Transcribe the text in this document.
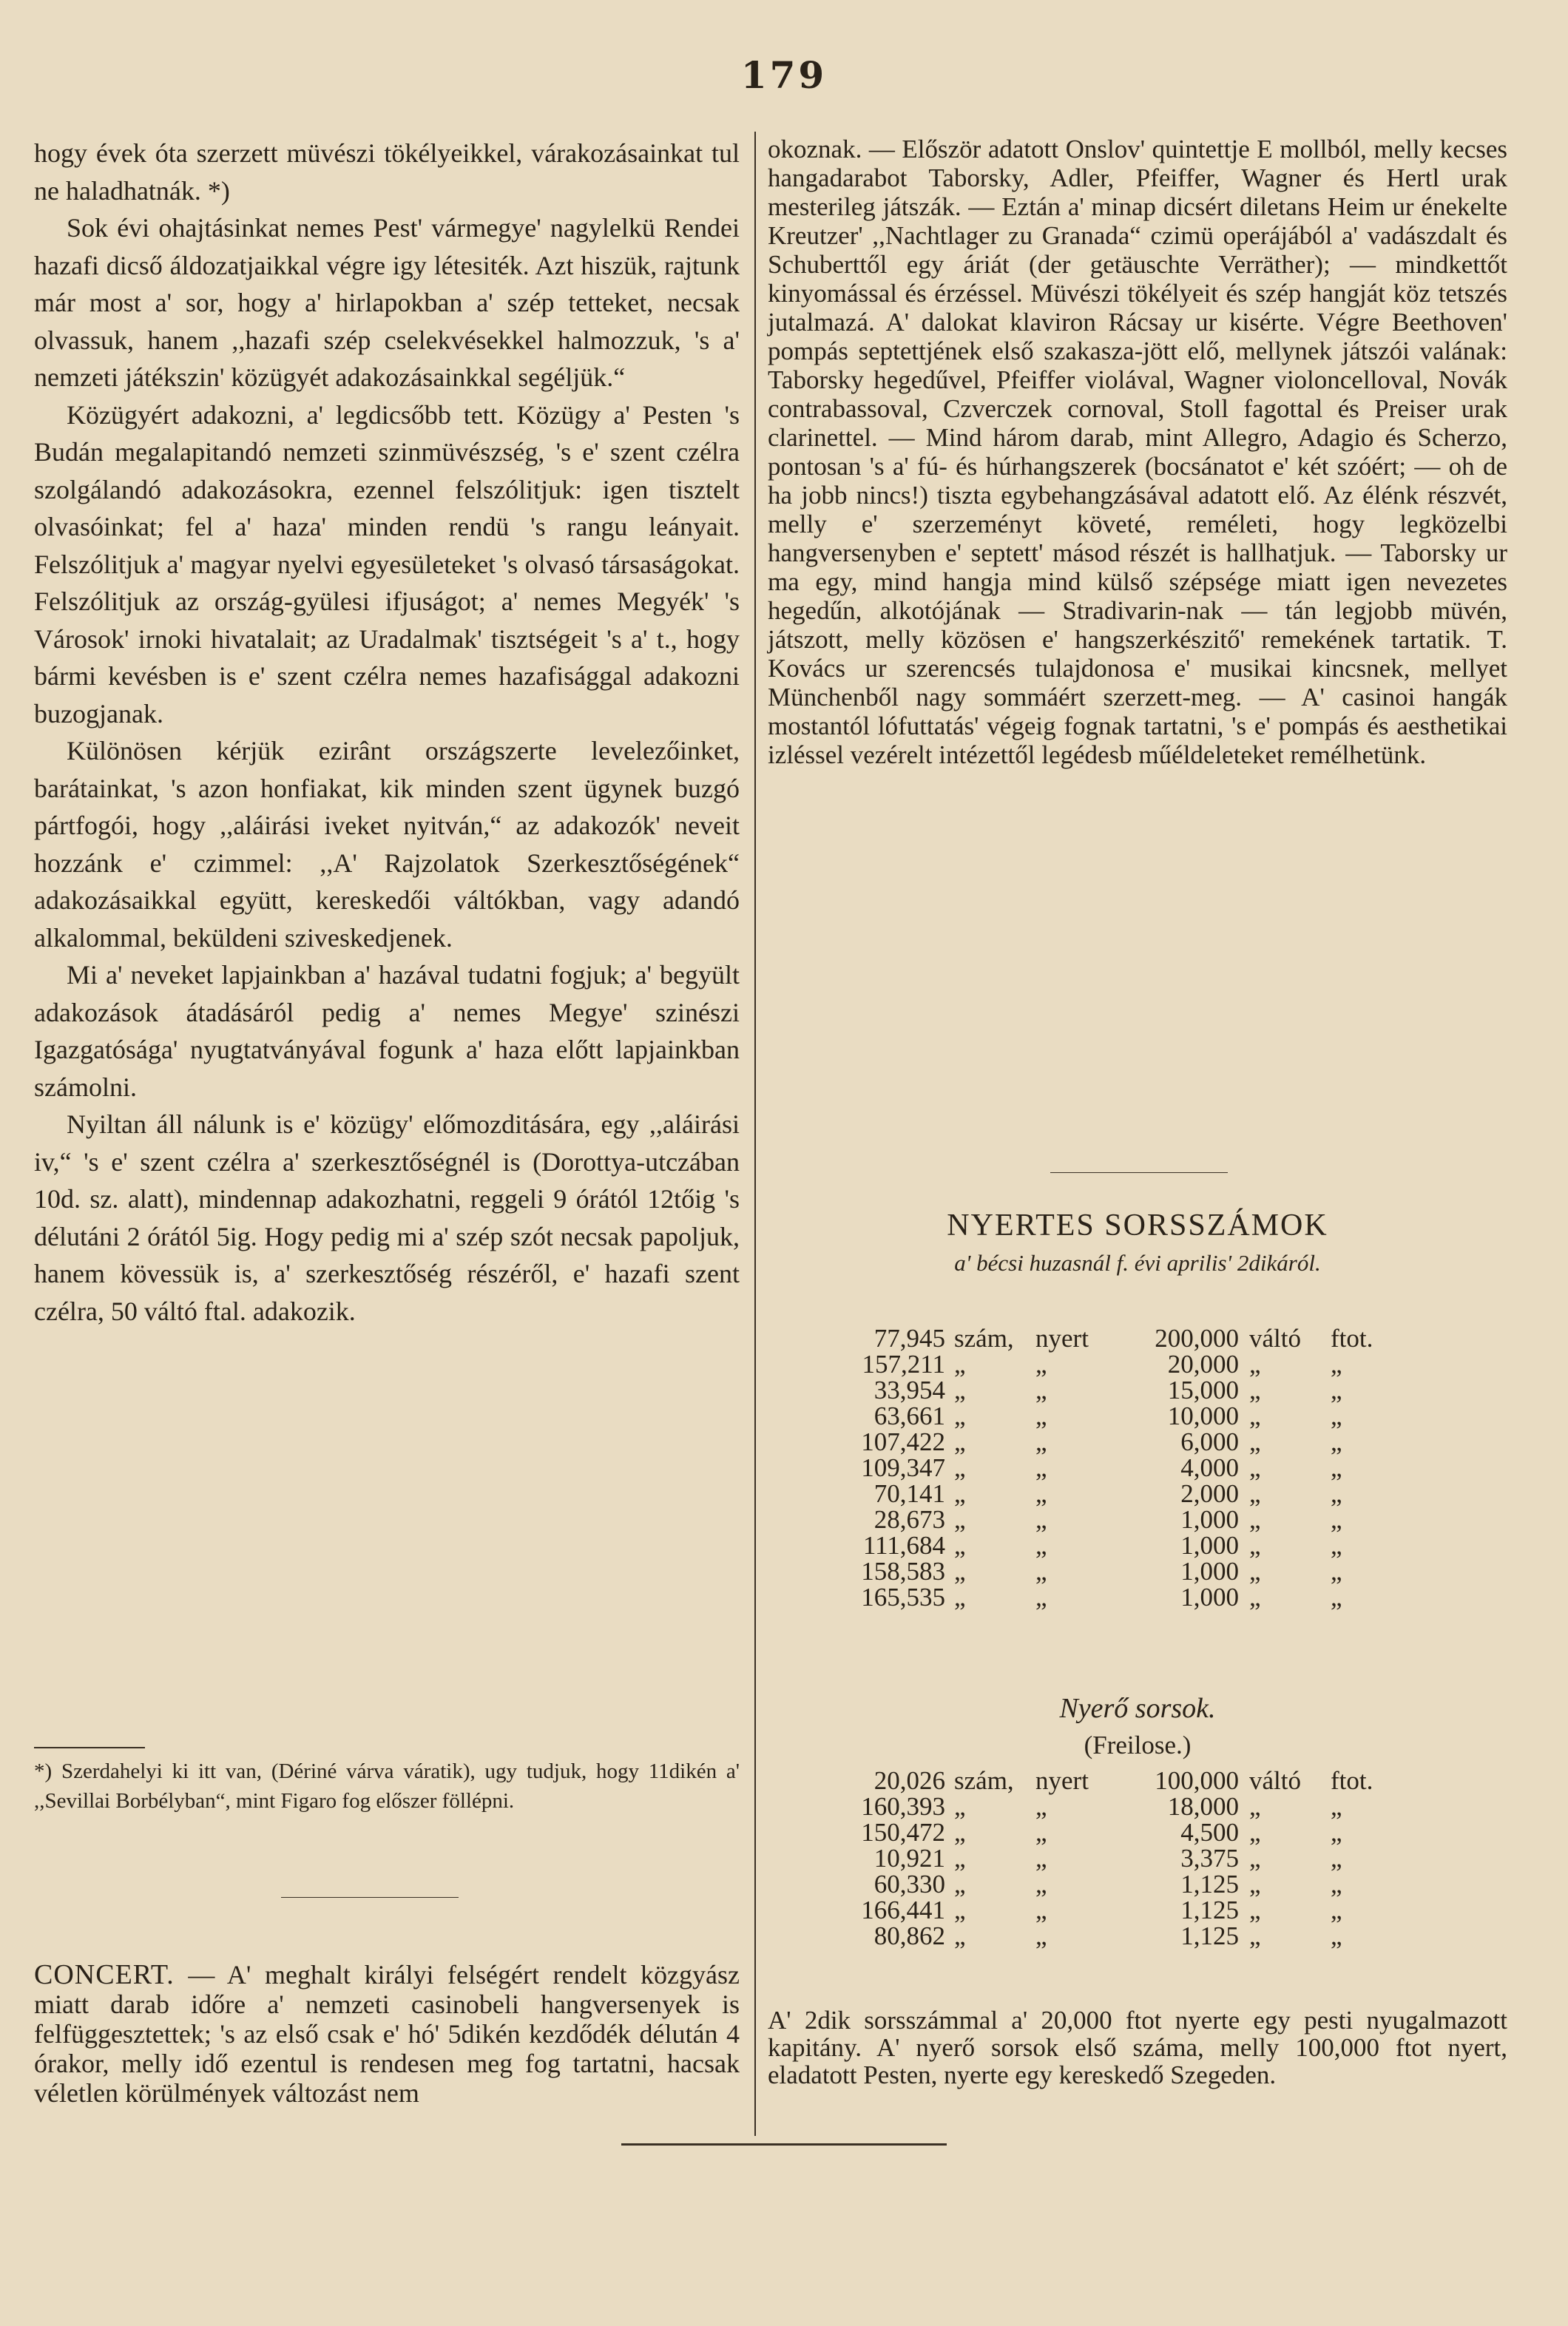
179

hogy évek óta szerzett müvészi tökélyeikkel, várakozásainkat tul ne haladhatnák. *)

Sok évi ohajtásinkat nemes Pest' vármegye' nagylelkü Rendei hazafi dicső áldozatjaikkal végre igy létesiték. Azt hiszük, rajtunk már most a' sor, hogy a' hirlapokban a' szép tetteket, necsak olvassuk, hanem ,,hazafi szép cselekvésekkel halmozzuk, 's a' nemzeti játékszin' közügyét adakozásainkkal segéljük.“

Közügyért adakozni, a' legdicsőbb tett. Közügy a' Pesten 's Budán megalapitandó nemzeti szinmüvészség, 's e' szent czélra szolgálandó adakozásokra, ezennel felszólitjuk: igen tisztelt olvasóinkat; fel a' haza' minden rendü 's rangu leányait. Felszólitjuk a' magyar nyelvi egyesületeket 's olvasó társaságokat. Felszólitjuk az ország-gyülesi ifjuságot; a' nemes Megyék' 's Városok' irnoki hivatalait; az Uradalmak' tisztségeit 's a' t., hogy bármi kevésben is e' szent czélra nemes hazafisággal adakozni buzogjanak.

Különösen kérjük ezirânt országszerte levelezőinket, barátainkat, 's azon honfiakat, kik minden szent ügynek buzgó pártfogói, hogy ,,aláirási iveket nyitván,“ az adakozók' neveit hozzánk e' czimmel: ,,A' Rajzolatok Szerkesztőségének“ adakozásaikkal együtt, kereskedői váltókban, vagy adandó alkalommal, beküldeni sziveskedjenek.

Mi a' neveket lapjainkban a' hazával tudatni fogjuk; a' begyült adakozások átadásáról pedig a' nemes Megye' szinészi Igazgatósága' nyugtatványával fogunk a' haza előtt lapjainkban számolni.

Nyiltan áll nálunk is e' közügy' előmozditására, egy ,,aláirási iv,“ 's e' szent czélra a' szerkesztőségnél is (Dorottya-utczában 10d. sz. alatt), mindennap adakozhatni, reggeli 9 órától 12tőig 's délutáni 2 órától 5ig. Hogy pedig mi a' szép szót necsak papoljuk, hanem kövessük is, a' szerkesztőség részéről, e' hazafi szent czélra, 50 váltó ftal. adakozik.

*) Szerdahelyi ki itt van, (Dériné várva váratik), ugy tudjuk, hogy 11dikén a' ,,Sevillai Borbélyban“, mint Figaro fog előszer föllépni.
CONCERT. — A' meghalt királyi felségért rendelt közgyász miatt darab időre a' nemzeti casinobeli hangversenyek is felfüggesztettek; 's az első csak e' hó' 5dikén kezdődék délután 4 órakor, melly idő ezentul is rendesen meg fog tartatni, hacsak véletlen körülmények változást nem

okoznak. — Először adatott Onslov' quintettje E mollból, melly kecses hangadarabot Taborsky, Adler, Pfeiffer, Wagner és Hertl urak mesterileg játszák. — Eztán a' minap dicsért diletans Heim ur énekelte Kreutzer' ,,Nachtlager zu Granada“ czimü operájából a' vadászdalt és Schuberttől egy áriát (der getäuschte Verräther); — mindkettőt kinyomással és érzéssel. Müvészi tökélyeit és szép hangját köz tetszés jutalmazá. A' dalokat klaviron Rácsay ur kisérte. Végre Beethoven' pompás septettjének első szakasza-jött elő, mellynek játszói valának: Taborsky hegedűvel, Pfeiffer violával, Wagner violoncelloval, Novák contrabassoval, Czverczek cornoval, Stoll fagottal és Preiser urak clarinettel. — Mind három darab, mint Allegro, Adagio és Scherzo, pontosan 's a' fú- és húrhangszerek (bocsánatot e' két szóért; — oh de ha jobb nincs!) tiszta egybehangzásával adatott elő. Az élénk részvét, melly e' szerzeményt követé, reméleti, hogy legközelbi hangversenyben e' septett' másod részét is hallhatjuk. — Taborsky ur ma egy, mind hangja mind külső szépsége miatt igen nevezetes hegedűn, alkotójának — Stradivarin-nak — tán legjobb müvén, játszott, melly közösen e' hangszerkészitő' remekének tartatik. T. Kovács ur szerencsés tulajdonosa e' musikai kincsnek, mellyet Münchenből nagy sommáért szerzett-meg. — A' casinoi hangák mostantól lófuttatás' végeig fognak tartatni, 's e' pompás és aesthetikai izléssel vezérelt intézettől legédesb műéldeleteket remélhetünk.

NYERTES SORSSZÁMOK
a' bécsi huzasnál f. évi aprilis' 2dikáról.
77,945	szám,	nyert	200,000	váltó	ftot.
157,211	„	„	20,000	„	„
33,954	„	„	15,000	„	„
63,661	„	„	10,000	„	„
107,422	„	„	6,000	„	„
109,347	„	„	4,000	„	„
70,141	„	„	2,000	„	„
28,673	„	„	1,000	„	„
111,684	„	„	1,000	„	„
158,583	„	„	1,000	„	„
165,535	„	„	1,000	„	„
Nyerő sorsok.
(Freilose.)
20,026	szám,	nyert	100,000	váltó	ftot.
160,393	„	„	18,000	„	„
150,472	„	„	4,500	„	„
10,921	„	„	3,375	„	„
60,330	„	„	1,125	„	„
166,441	„	„	1,125	„	„
80,862	„	„	1,125	„	„
A' 2dik sorsszámmal a' 20,000 ftot nyerte egy pesti nyugalmazott kapitány. A' nyerő sorsok első száma, melly 100,000 ftot nyert, eladatott Pesten, nyerte egy kereskedő Szegeden.
